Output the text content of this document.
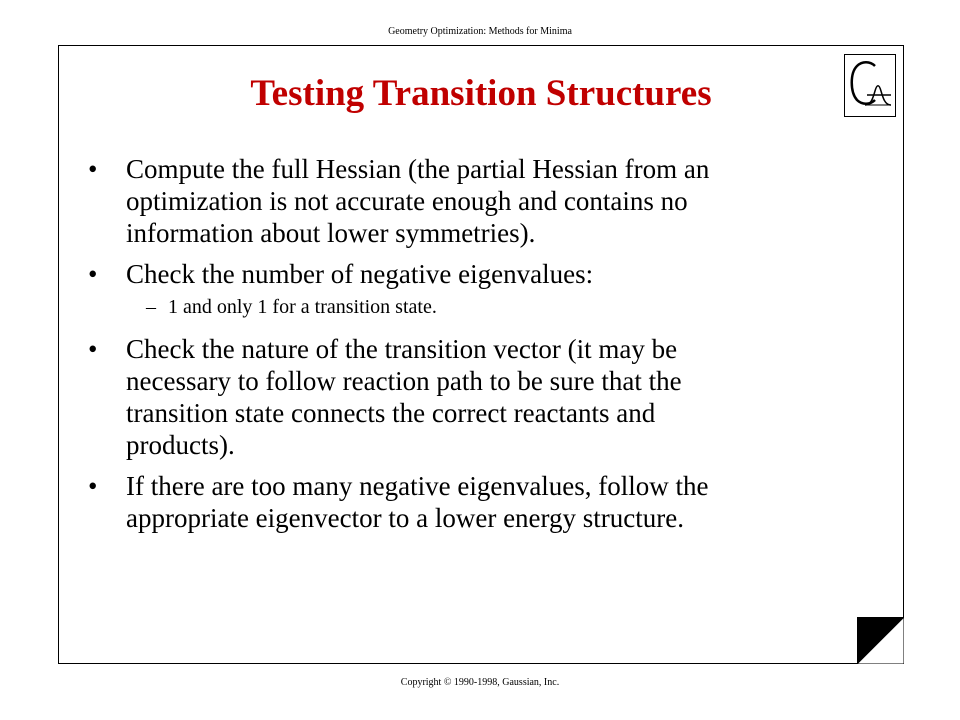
Geometry Optimization: Methods for Minima
Testing Transition Structures
• Compute the full Hessian (the partial Hessian from an
optimization is not accurate enough and contains no
information about lower symmetries).
• Check the number of negative eigenvalues:
– 1 and only 1 for a transition state.
• Check the nature of the transition vector (it may be
necessary to follow reaction path to be sure that the
transition state connects the correct reactants and
products).
• If there are too many negative eigenvalues, follow the
appropriate eigenvector to a lower energy structure.
Copyright © 1990-1998, Gaussian, Inc.
